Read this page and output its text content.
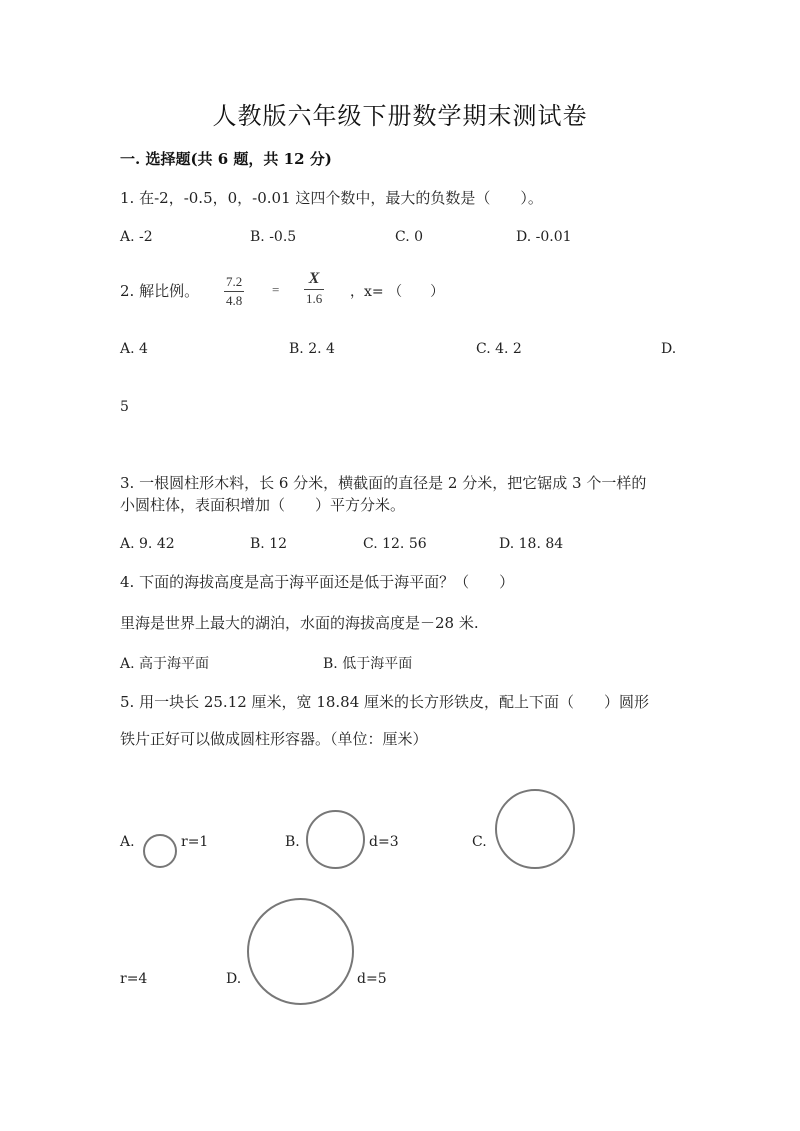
人教版六年级下册数学期末测试卷
一. 选择题(共 6 题，共 12 分)
1. 在-2，-0.5，0，-0.01 这四个数中，最大的负数是（　　）。
A. -2	B. -0.5	C. 0	D. -0.01
2. 解比例。
7.2
4.8
=
X
1.6 ，x= （　　）
A. 4	B. 2. 4	C. 4. 2	D.
5
3. 一根圆柱形木料，长 6 分米，横截面的直径是 2 分米，把它锯成 3 个一样的
小圆柱体，表面积增加（　　）平方分米。
A. 9. 42	B. 12	C. 12. 56	D. 18. 84
4. 下面的海拔高度是高于海平面还是低于海平面？（　　）
里海是世界上最大的湖泊，水面的海拔高度是－28 米.
A. 高于海平面	B. 低于海平面
5. 用一块长 25.12 厘米，宽 18.84 厘米的长方形铁皮，配上下面（　　）圆形
铁片正好可以做成圆柱形容器。（单位：厘米）
A.	r=1	B.	d=3	C.
r=4	D.	d=5
